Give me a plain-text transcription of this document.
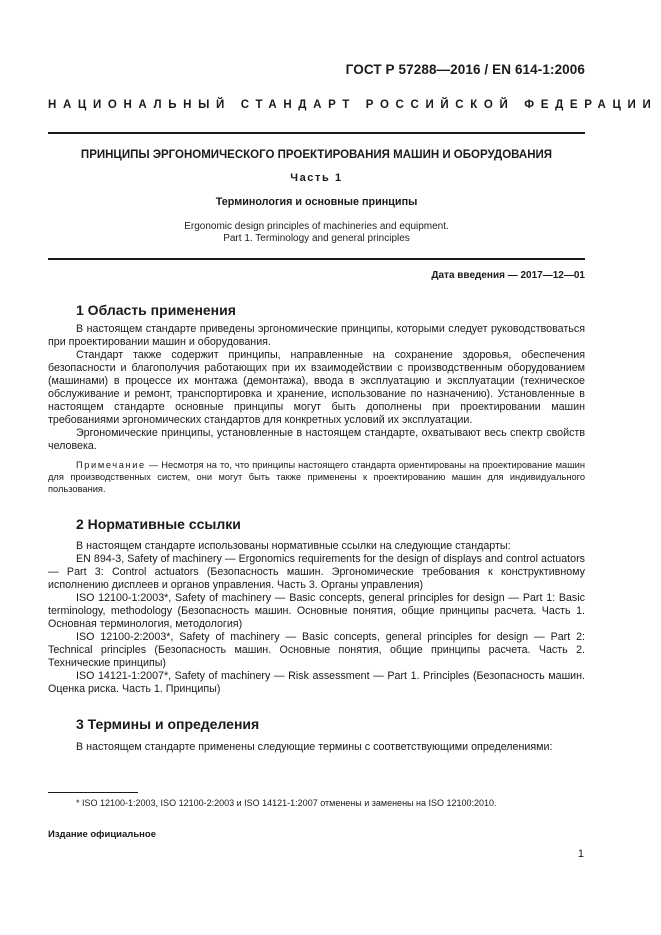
ГОСТ Р 57288—2016 / EN 614-1:2006
НАЦИОНАЛЬНЫЙ СТАНДАРТ РОССИЙСКОЙ ФЕДЕРАЦИИ
ПРИНЦИПЫ ЭРГОНОМИЧЕСКОГО ПРОЕКТИРОВАНИЯ МАШИН И ОБОРУДОВАНИЯ
Часть 1
Терминология и основные принципы
Ergonomic design principles of machineries and equipment.
Part 1. Terminology and general principles
Дата введения — 2017—12—01
1 Область применения

В настоящем стандарте приведены эргономические принципы, которыми следует руководствоваться при проектировании машин и оборудования.

Стандарт также содержит принципы, направленные на сохранение здоровья, обеспечения безопасности и благополучия работающих при их взаимодействии с производственным оборудованием (машинами) в процессе их монтажа (демонтажа), ввода в эксплуатацию и эксплуатации (техническое обслуживание и ремонт, транспортировка и хранение, использование по назначению). Установленные в настоящем стандарте основные принципы могут быть дополнены при проектировании машин требованиями эргономических стандартов для конкретных условий их эксплуатации.

Эргономические принципы, установленные в настоящем стандарте, охватывают весь спектр свойств человека.

Примечание — Несмотря на то, что принципы настоящего стандарта ориентированы на проектирование машин для производственных систем, они могут быть также применены к проектированию машин для индивидуального пользования.

2 Нормативные ссылки

В настоящем стандарте использованы нормативные ссылки на следующие стандарты:

EN 894-3, Safety of machinery — Ergonomics requirements for the design of displays and control actuators — Part 3: Control actuators (Безопасность машин. Эргономические требования к конструктивному исполнению дисплеев и органов управления. Часть 3. Органы управления)

ISO 12100-1:2003*, Safety of machinery — Basic concepts, general principles for design — Part 1: Basic terminology, methodology (Безопасность машин. Основные понятия, общие принципы расчета. Часть 1. Основная терминология, методология)

ISO 12100-2:2003*, Safety of machinery — Basic concepts, general principles for design — Part 2: Technical principles (Безопасность машин. Основные понятия, общие принципы расчета. Часть 2. Технические принципы)

ISO 14121-1:2007*, Safety of machinery — Risk assessment — Part 1. Principles (Безопасность машин. Оценка риска. Часть 1. Принципы)

3 Термины и определения

В настоящем стандарте применены следующие термины с соответствующими определениями:

* ISO 12100-1:2003, ISO 12100-2:2003 и ISO 14121-1:2007 отменены и заменены на ISO 12100:2010.
Издание официальное
1
